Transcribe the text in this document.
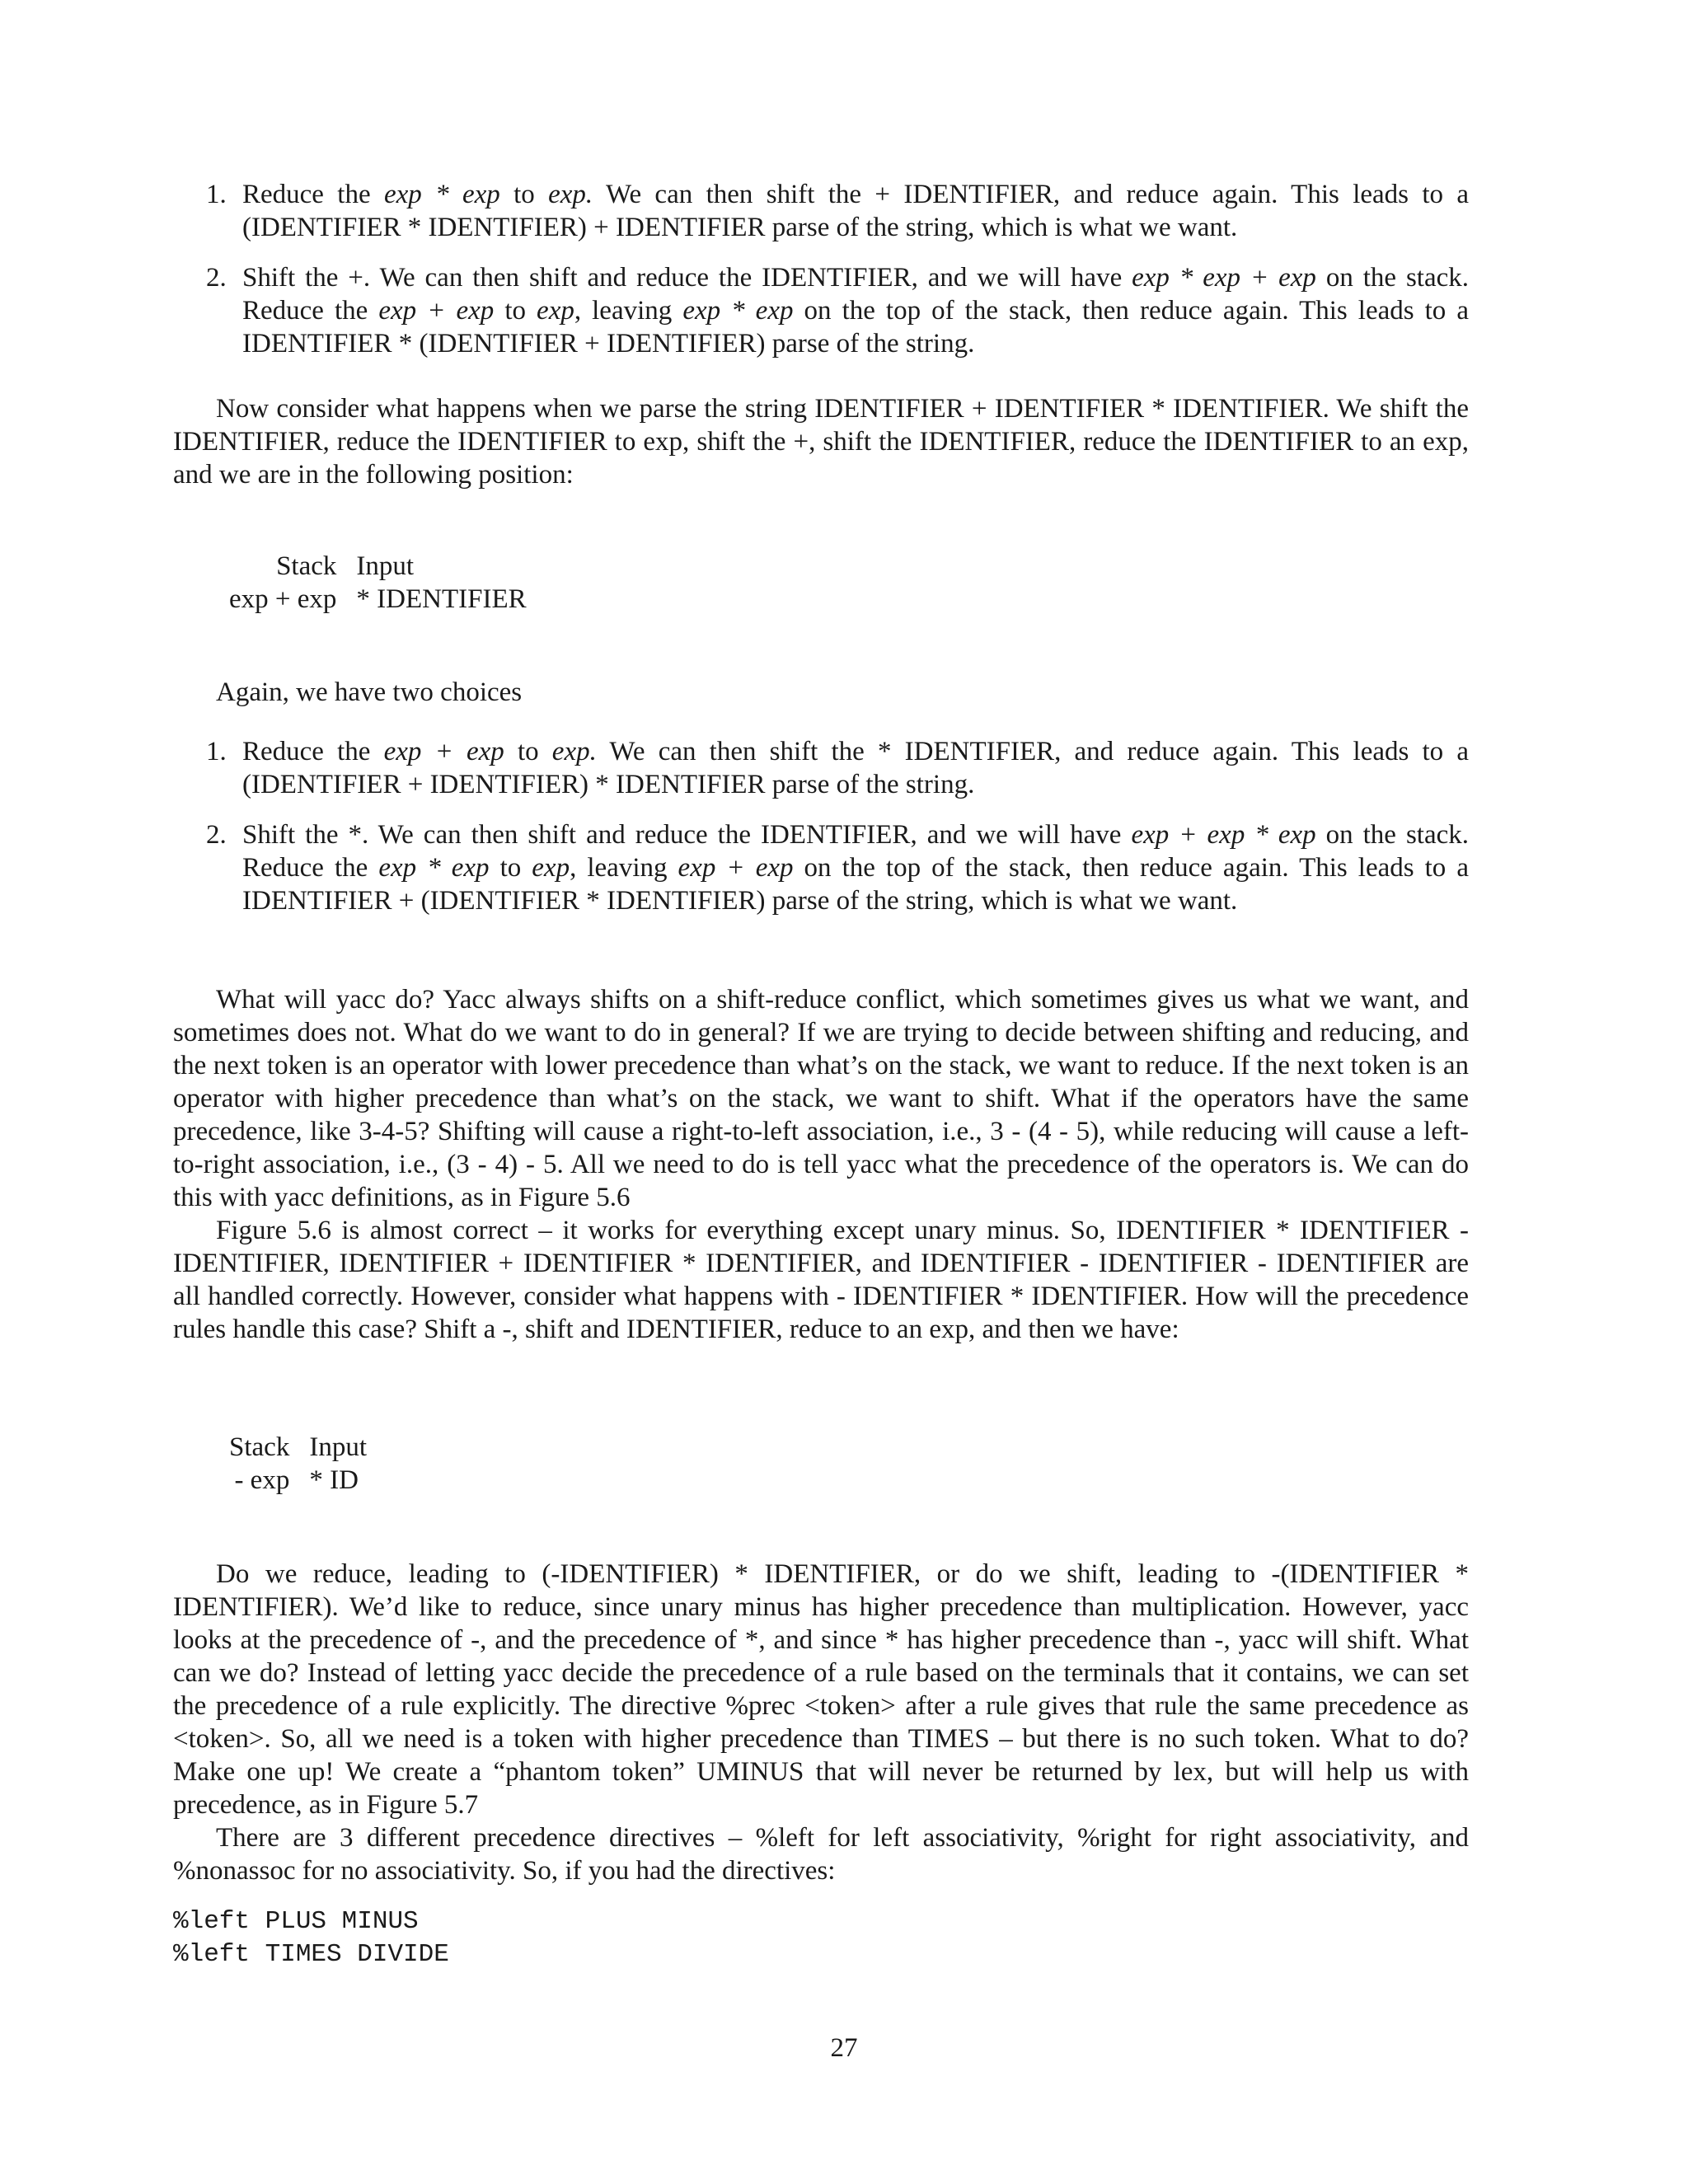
1. Reduce the exp * exp to exp. We can then shift the + IDENTIFIER, and reduce again. This leads to a (IDENTIFIER * IDENTIFIER) + IDENTIFIER parse of the string, which is what we want.
2. Shift the +. We can then shift and reduce the IDENTIFIER, and we will have exp * exp + exp on the stack. Reduce the exp + exp to exp, leaving exp * exp on the top of the stack, then reduce again. This leads to a IDENTIFIER * (IDENTIFIER + IDENTIFIER) parse of the string.

Now consider what happens when we parse the string IDENTIFIER + IDENTIFIER * IDENTIFIER. We shift the IDENTIFIER, reduce the IDENTIFIER to exp, shift the +, shift the IDENTIFIER, reduce the IDENTIFIER to an exp, and we are in the following position:

Stack	Input
exp + exp	* IDENTIFIER

Again, we have two choices

1. Reduce the exp + exp to exp. We can then shift the * IDENTIFIER, and reduce again. This leads to a (IDENTIFIER + IDENTIFIER) * IDENTIFIER parse of the string.
2. Shift the *. We can then shift and reduce the IDENTIFIER, and we will have exp + exp * exp on the stack. Reduce the exp * exp to exp, leaving exp + exp on the top of the stack, then reduce again. This leads to a IDENTIFIER + (IDENTIFIER * IDENTIFIER) parse of the string, which is what we want.

What will yacc do? Yacc always shifts on a shift-reduce conflict, which sometimes gives us what we want, and sometimes does not. What do we want to do in general? If we are trying to decide between shifting and reducing, and the next token is an operator with lower precedence than what’s on the stack, we want to reduce. If the next token is an operator with higher precedence than what’s on the stack, we want to shift. What if the operators have the same precedence, like 3-4-5? Shifting will cause a right-to-left association, i.e., 3 - (4 - 5), while reducing will cause a left-to-right association, i.e., (3 - 4) - 5. All we need to do is tell yacc what the precedence of the operators is. We can do this with yacc definitions, as in Figure 5.6

Figure 5.6 is almost correct – it works for everything except unary minus. So, IDENTIFIER * IDENTIFIER - IDENTIFIER, IDENTIFIER + IDENTIFIER * IDENTIFIER, and IDENTIFIER - IDENTIFIER - IDENTIFIER are all handled correctly. However, consider what happens with - IDENTIFIER * IDENTIFIER. How will the precedence rules handle this case? Shift a -, shift and IDENTIFIER, reduce to an exp, and then we have:

Stack	Input
- exp	* ID

Do we reduce, leading to (-IDENTIFIER) * IDENTIFIER, or do we shift, leading to -(IDENTIFIER * IDENTIFIER). We’d like to reduce, since unary minus has higher precedence than multiplication. However, yacc looks at the precedence of -, and the precedence of *, and since * has higher precedence than -, yacc will shift. What can we do? Instead of letting yacc decide the precedence of a rule based on the terminals that it contains, we can set the precedence of a rule explicitly. The directive %prec <token> after a rule gives that rule the same precedence as <token>. So, all we need is a token with higher precedence than TIMES – but there is no such token. What to do? Make one up! We create a “phantom token” UMINUS that will never be returned by lex, but will help us with precedence, as in Figure 5.7

There are 3 different precedence directives – %left for left associativity, %right for right associativity, and %nonassoc for no associativity. So, if you had the directives:

%left PLUS MINUS
%left TIMES DIVIDE
27
